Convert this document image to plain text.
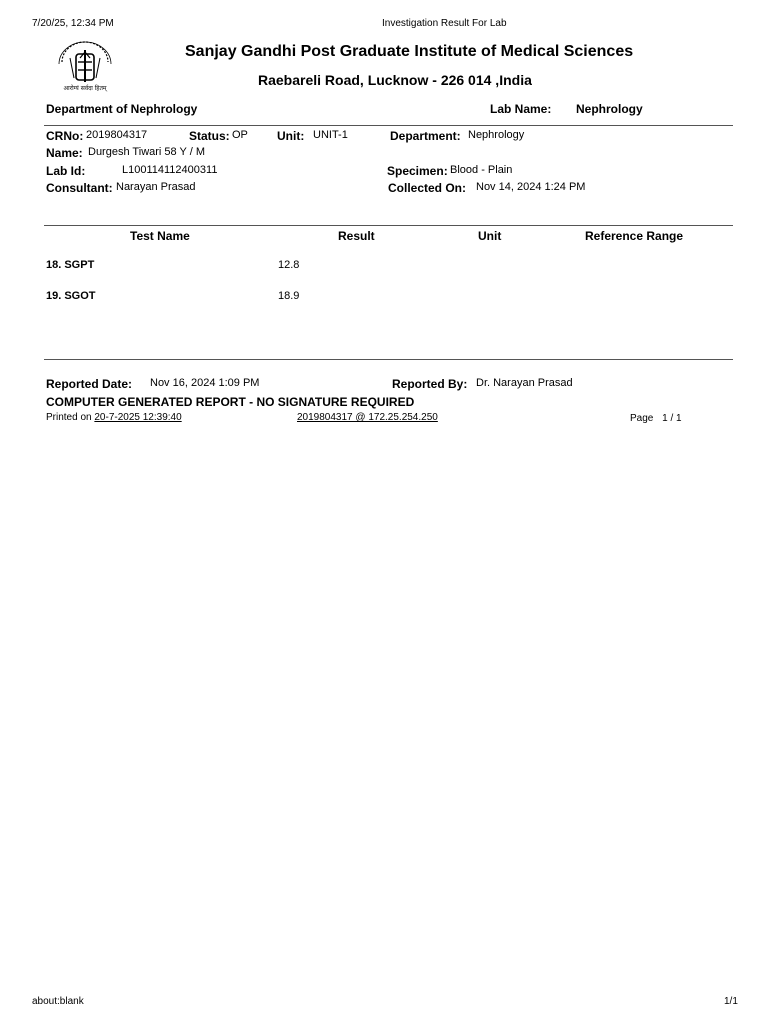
7/20/25, 12:34 PM	Investigation Result For Lab
आरोग्यं सर्वदा हितम्
Sanjay Gandhi Post Graduate Institute of Medical Sciences
Raebareli Road, Lucknow - 226 014 ,India
Department of Nephrology	Lab Name: Nephrology
CRNo: 2019804317	Status: OP Unit: UNIT-1	Department: Nephrology
Name: Durgesh Tiwari 58 Y / M
Lab Id:	L100114112400311	Specimen: Blood - Plain
Consultant: Narayan Prasad	Collected On: Nov 14, 2024 1:24 PM
Test Name	Result	Unit	Reference Range
18. SGPT	12.8
19. SGOT	18.9
Reported Date: Nov 16, 2024 1:09 PM	Reported By: Dr. Narayan Prasad
COMPUTER GENERATED REPORT - NO SIGNATURE REQUIRED
Printed on 20-7-2025 12:39:40	2019804317 @ 172.25.254.250	Page 1 / 1
about:blank	1/1
